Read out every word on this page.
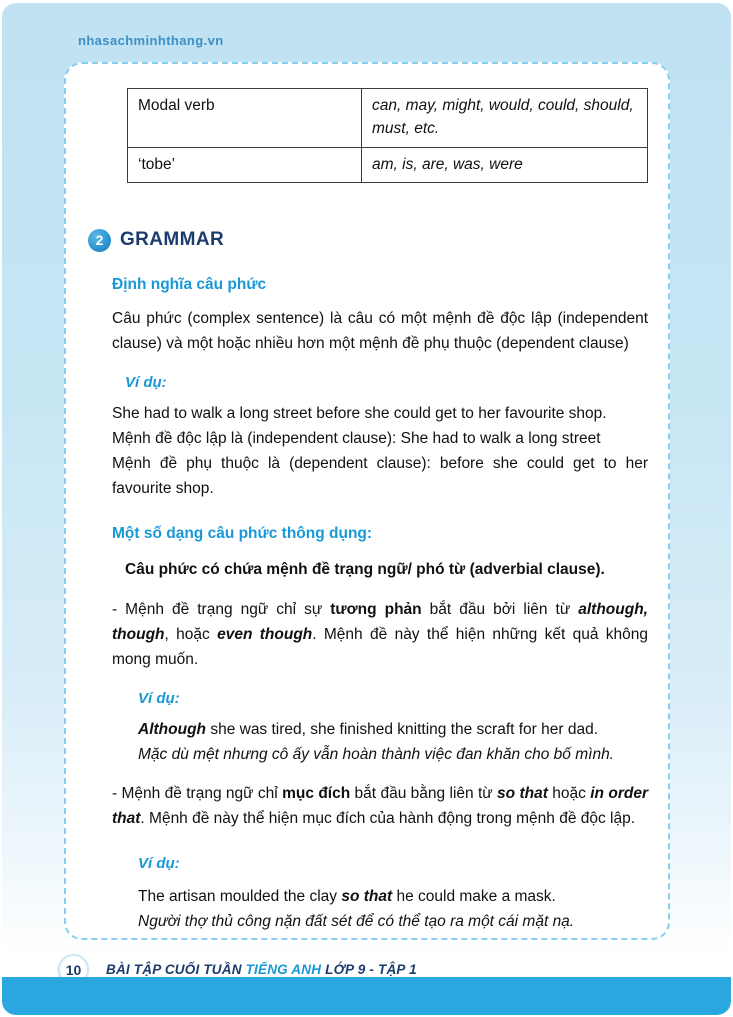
nhasachminhthang.vn
Modal verb	can, may, might, would, could, should, must, etc.
‘tobe’	am, is, are, was, were
2 GRAMMAR
Định nghĩa câu phức

Câu phức (complex sentence) là câu có một mệnh đề độc lập (independent clause) và một hoặc nhiều hơn một mệnh đề phụ thuộc (dependent clause)

Ví dụ:

She had to walk a long street before she could get to her favourite shop.

Mệnh đề độc lập là (independent clause): She had to walk a long street

Mệnh đề phụ thuộc là (dependent clause): before she could get to her favourite shop.

Một số dạng câu phức thông dụng:

Câu phức có chứa mệnh đề trạng ngữ/ phó từ (adverbial clause).

- Mệnh đề trạng ngữ chỉ sự tương phản bắt đầu bởi liên từ although, though, hoặc even though. Mệnh đề này thể hiện những kết quả không mong muốn.

Ví dụ:

Although she was tired, she finished knitting the scraft for her dad.

Mặc dù mệt nhưng cô ấy vẫn hoàn thành việc đan khăn cho bố mình.

- Mệnh đề trạng ngữ chỉ mục đích bắt đầu bằng liên từ so that hoặc in order that. Mệnh đề này thể hiện mục đích của hành động trong mệnh đề độc lập.

Ví dụ:

The artisan moulded the clay so that he could make a mask.

Người thợ thủ công nặn đất sét để có thể tạo ra một cái mặt nạ.

10	BÀI TẬP CUỐI TUẦN TIẾNG ANH LỚP 9 - TẬP 1
